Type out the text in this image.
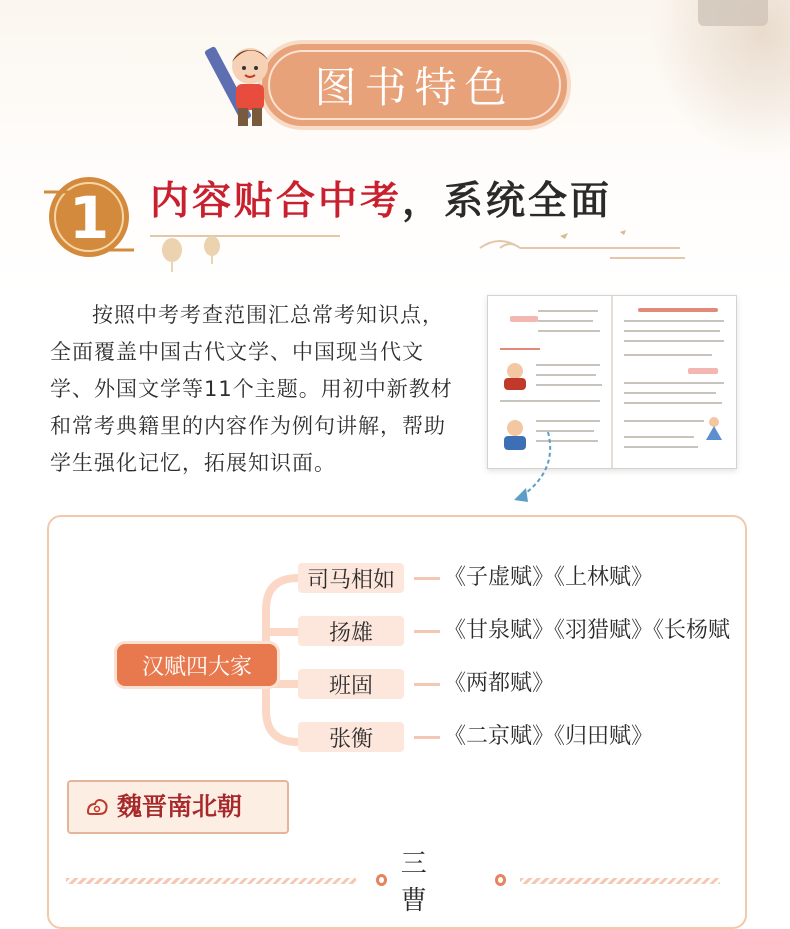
图书特色
1 内容贴合中考，系统全面
按照中考考查范围汇总常考知识点，全面覆盖中国古代文学、中国现当代文学、外国文学等11个主题。用初中新教材和常考典籍里的内容作为例句讲解，帮助学生强化记忆，拓展知识面。
汉赋四大家
司马相如	《子虚赋》《上林赋》
扬雄	《甘泉赋》《羽猎赋》《长杨赋
班固	《两都赋》
张衡	《二京赋》《归田赋》
魏晋南北朝
三 曹
